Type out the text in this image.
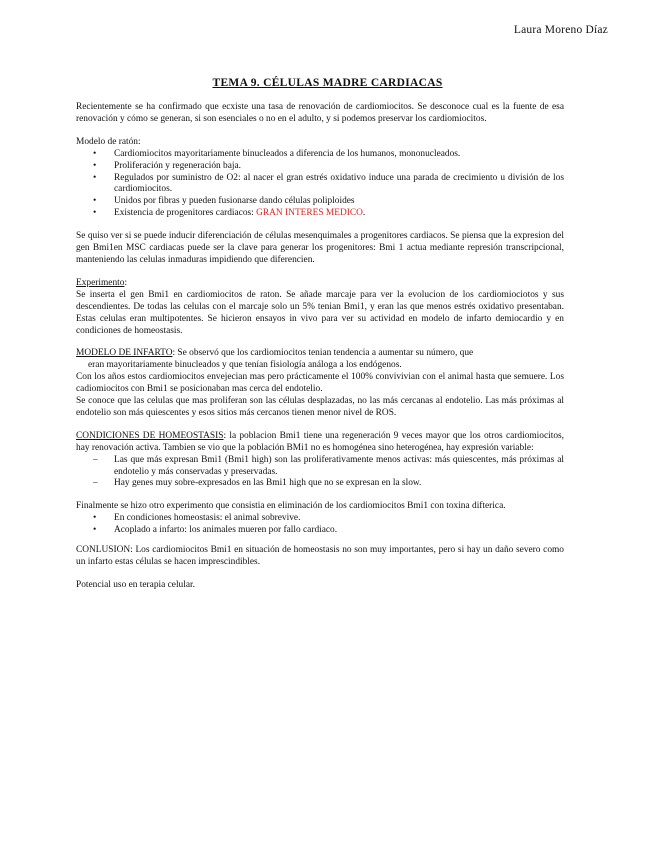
Laura Moreno Díaz
TEMA 9. CÉLULAS MADRE CARDIACAS

Recientemente se ha confirmado que ecxiste una tasa de renovación de cardiomiocitos. Se desconoce cual es la fuente de esa renovación y cómo se generan, si son esenciales o no en el adulto, y si podemos preservar los cardiomiocitos.

Modelo de ratón:

• Cardiomiocitos mayoritariamente binucleados a diferencia de los humanos, mononucleados.
• Proliferación y regeneración baja.
• Regulados por suministro de O2: al nacer el gran estrés oxidativo induce una parada de crecimiento u división de los cardiomiocitos.
• Unidos por fibras y pueden fusionarse dando células poliploides
• Existencia de progenitores cardiacos: GRAN INTERES MEDICO.

Se quiso ver si se puede inducir diferenciación de células mesenquimales a progenitores cardiacos. Se piensa que la expresion del gen Bmi1en MSC cardiacas puede ser la clave para generar los progenitores: Bmi 1 actua mediante represión transcripcional, manteniendo las celulas inmaduras impidiendo que diferencien.

Experimento:

Se inserta el gen Bmi1 en cardiomiocitos de raton. Se añade marcaje para ver la evolucion de los cardiomiociotos y sus descendientes. De todas las celulas con el marcaje solo un 5% tenian Bmi1, y eran las que menos estrés oxidativo presentaban. Estas celulas eran multipotentes. Se hicieron ensayos in vivo para ver su actividad en modelo de infarto demiocardio y en condiciones de homeostasis.

MODELO DE INFARTO: Se observó que los cardiomiocitos tenian tendencia a aumentar su número, que

eran mayoritariamente binucleados y que tenían fisiología análoga a los endógenos.

Con los años estos cardiomiocitos envejecian mas pero prácticamente el 100% convivivian con el animal hasta que semuere. Los cadiomiocitos con Bmi1 se posicionaban mas cerca del endotelio.

Se conoce que las celulas que mas proliferan son las células desplazadas, no las más cercanas al endotelio. Las más próximas al endotelio son más quiescentes y esos sitios más cercanos tienen menor nivel de ROS.

CONDICIONES DE HOMEOSTASIS: la poblacion Bmi1 tiene una regeneración 9 veces mayor que los otros cardiomiocitos, hay renovación activa. Tambien se vio que la población BMi1 no es homogénea sino heterogénea, hay expresión variable:

– Las que más expresan Bmi1 (Bmi1 high) son las proliferativamente menos activas: más quiescentes, más próximas al endotelio y más conservadas y preservadas.
– Hay genes muy sobre-expresados en las Bmi1 high que no se expresan en la slow.

Finalmente se hizo otro experimento que consistia en eliminación de los cardiomiocitos Bmi1 con toxina difterica.

• En condiciones homeostasis: el animal sobrevive.
• Acoplado a infarto: los animales mueren por fallo cardiaco.

CONLUSION: Los cardiomiocitos Bmi1 en situación de homeostasis no son muy importantes, pero si hay un daño severo como un infarto estas células se hacen imprescindibles.

Potencial uso en terapia celular.
